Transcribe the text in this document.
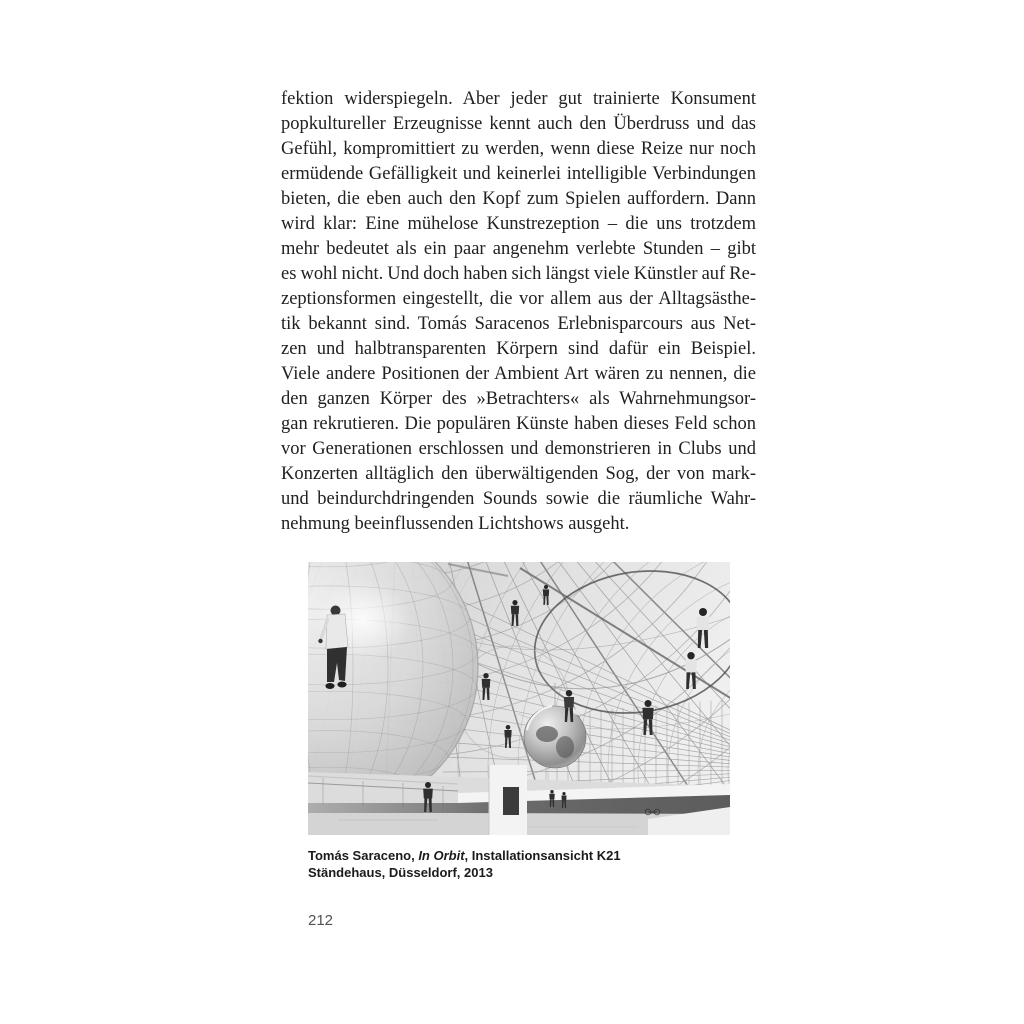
fektion widerspiegeln. Aber jeder gut trainierte Konsument
popkultureller Erzeugnisse kennt auch den Überdruss und das
Gefühl, kompromittiert zu werden, wenn diese Reize nur noch
ermüdende Gefälligkeit und keinerlei intelligible Verbindungen
bieten, die eben auch den Kopf zum Spielen auffordern. Dann
wird klar: Eine mühelose Kunstrezeption – die uns trotzdem
mehr bedeutet als ein paar angenehm verlebte Stunden – gibt
es wohl nicht. Und doch haben sich längst viele Künstler auf Re-
zeptionsformen eingestellt, die vor allem aus der Alltagsästhe-
tik bekannt sind. Tomás Saracenos Erlebnisparcours aus Net-
zen und halbtransparenten Körpern sind dafür ein Beispiel.
Viele andere Positionen der Ambient Art wären zu nennen, die
den ganzen Körper des »Betrachters« als Wahrnehmungsor-
gan rekrutieren. Die populären Künste haben dieses Feld schon
vor Generationen erschlossen und demonstrieren in Clubs und
Konzerten alltäglich den überwältigenden Sog, der von mark-
und beindurchdringenden Sounds sowie die räumliche Wahr-
nehmung beeinflussenden Lichtshows ausgeht.
Tomás Saraceno, In Orbit, Installationsansicht K21
Ständehaus, Düsseldorf, 2013
212
